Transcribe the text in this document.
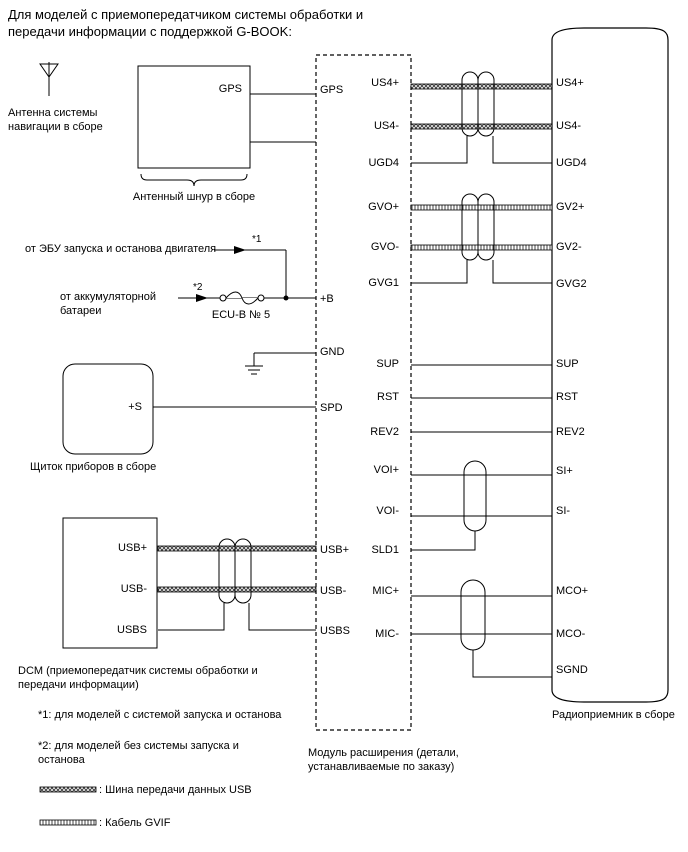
Для моделей с приемопередатчиком системы обработки и
передачи информации с поддержкой G-BOOK:
Антенна системы
навигации в сборе
GPS
Антенный шнур в сборе
от ЭБУ запуска и останова двигателя
*1
от аккумуляторной
батареи
*2
ECU-B № 5
+S
Щиток приборов в сборе
USB+
USB-
USBS
DCM (приемопередатчик системы обработки и
передачи информации)
GPS
+B
GND
SPD
USB+
USB-
USBS
US4+
US4-
UGD4
GVO+
GVO-
GVG1
SUP
RST
REV2
VOI+
VOI-
SLD1
MIC+
MIC-
Модуль расширения (детали,
устанавливаемые по заказу)
US4+
US4-
UGD4
GV2+
GV2-
GVG2
SUP
RST
REV2
SI+
SI-
MCO+
MCO-
SGND
Радиоприемник в сборе
*1: для моделей с системой запуска и останова
*2: для моделей без системы запуска и
останова
: Шина передачи данных USB
: Кабель GVIF
